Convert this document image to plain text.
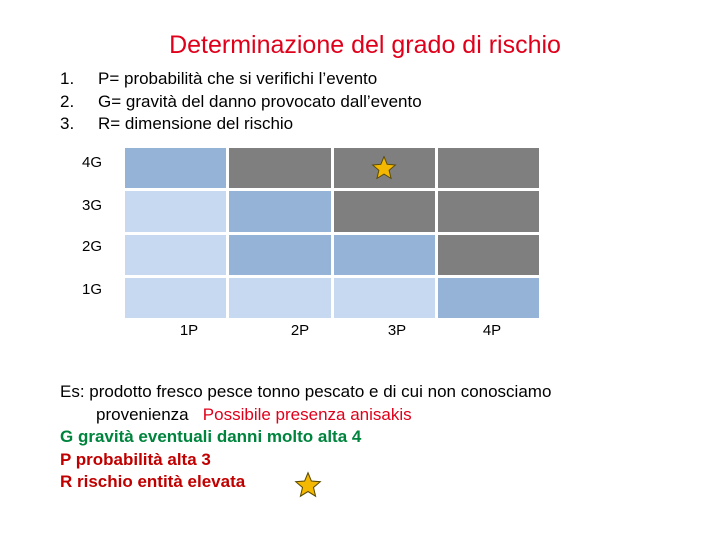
Determinazione del grado di rischio
1.	P= probabilità che si verifichi l’evento
2.	G= gravità del danno provocato dall’evento
3.	R= dimensione del rischio
4G
3G
2G
1G
1P	2P	3P	4P
Es: prodotto fresco pesce tonno pescato e di cui non conosciamo
provenienza Possibile presenza anisakis
G gravità eventuali danni molto alta 4
P probabilità alta 3
R rischio entità elevata
